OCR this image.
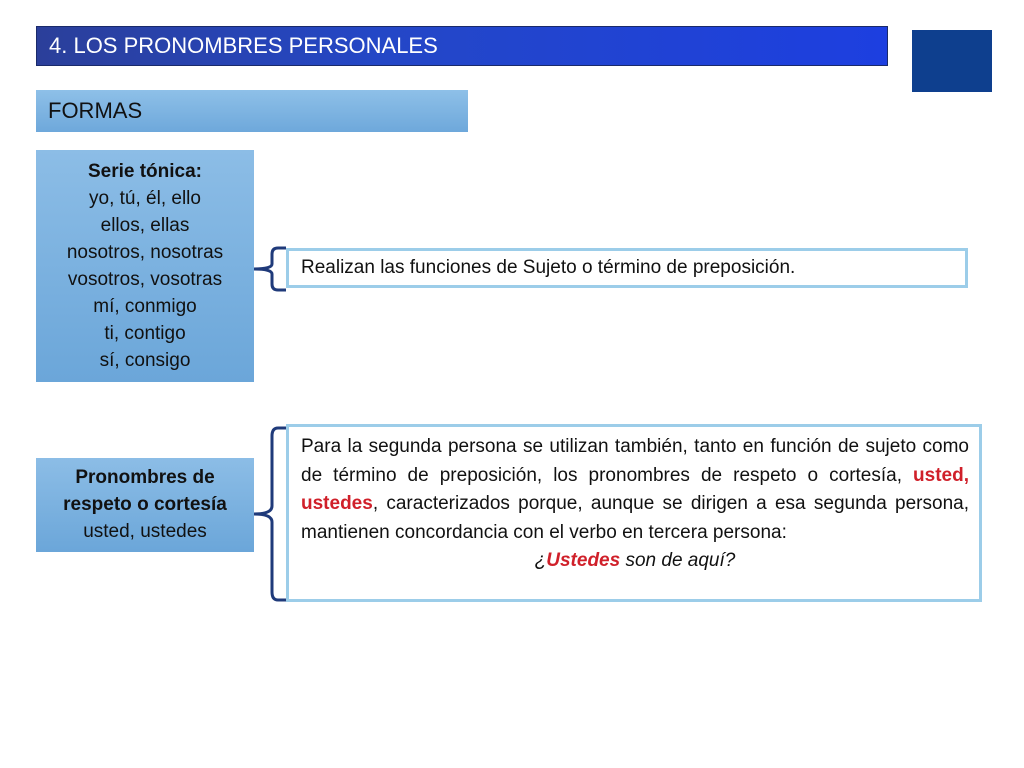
4. LOS PRONOMBRES PERSONALES
FORMAS
Serie tónica:
yo, tú, él, ello
ellos, ellas
nosotros, nosotras
vosotros, vosotras
mí, conmigo
ti, contigo
sí, consigo
Realizan las funciones de Sujeto o término de preposición.
Pronombres de
respeto o cortesía
usted, ustedes
Para la segunda persona se utilizan también, tanto en función de sujeto como de término de preposición, los pronombres de respeto o cortesía, usted, ustedes, caracterizados porque, aunque se dirigen a esa segunda persona, mantienen concordancia con el verbo en tercera persona:
¿Ustedes son de aquí?
